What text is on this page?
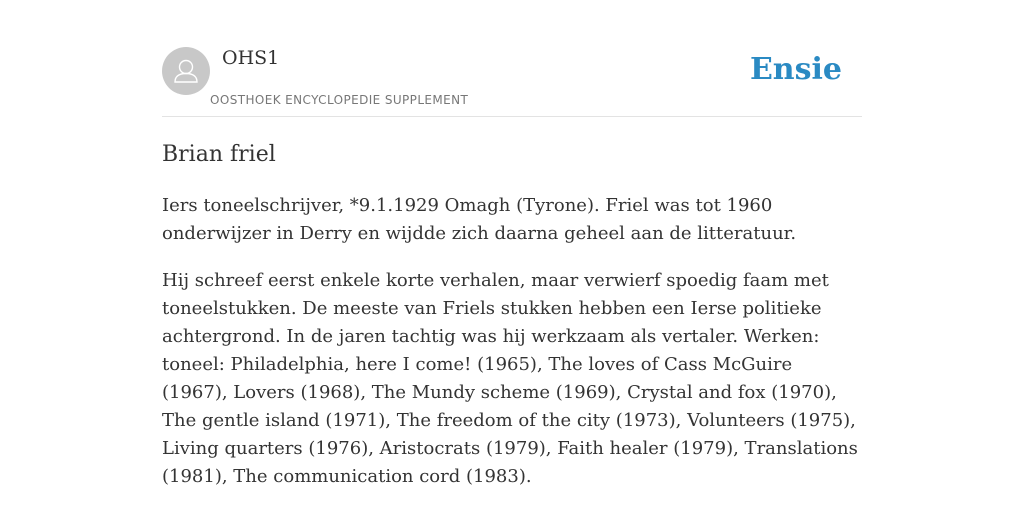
OHS1
OOSTHOEK ENCYCLOPEDIE SUPPLEMENT
Ensie
Brian friel

Iers toneelschrijver, *9.1.1929 Omagh (Tyrone). Friel was tot 1960 onderwijzer in Derry en wijdde zich daarna geheel aan de litteratuur.

Hij schreef eerst enkele korte verhalen, maar verwierf spoedig faam met toneelstukken. De meeste van Friels stukken hebben een Ierse politieke achtergrond. In de jaren tachtig was hij werkzaam als vertaler. Werken: toneel: Philadelphia, here I come! (1965), The loves of Cass McGuire (1967), Lovers (1968), The Mundy scheme (1969), Crystal and fox (1970), The gentle island (1971), The freedom of the city (1973), Volunteers (1975), Living quarters (1976), Aristocrats (1979), Faith healer (1979), Translations (1981), The communication cord (1983).
